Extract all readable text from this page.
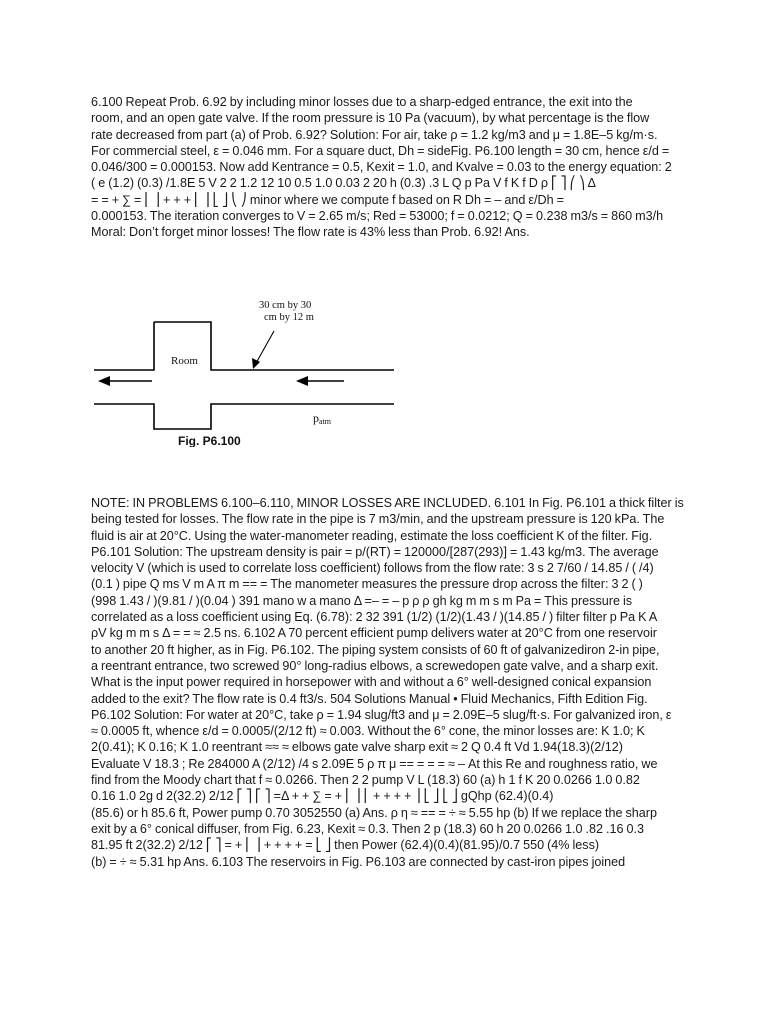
6.100 Repeat Prob. 6.92 by including minor losses due to a sharp-edged entrance, the exit into the
room, and an open gate valve. If the room pressure is 10 Pa (vacuum), by what percentage is the flow
rate decreased from part (a) of Prob. 6.92? Solution: For air, take ρ = 1.2 kg/m3 and μ = 1.8E–5 kg/m·s.
For commercial steel, ε = 0.046 mm. For a square duct, Dh = sideFig. P6.100 length = 30 cm, hence ε/d =
0.046/300 = 0.000153. Now add Kentrance = 0.5, Kexit = 1.0, and Kvalve = 0.03 to the energy equation: 2
( e (1.2) (0.3) /1.8E 5 V 2 2 1.2 12 10 0.5 1.0 0.03 2 20 h (0.3) .3 L Q p Pa V f K f D ρ ⎡ ⎤ ⎛ ⎞ Δ
= = + ∑ = ⎢ ⎥ + + + ⎜ ⎟ ⎣ ⎦ ⎝ ⎠ minor where we compute f based on R Dh = – and ε/Dh =
0.000153. The iteration converges to V = 2.65 m/s; Red = 53000; f = 0.0212; Q = 0.238 m3/s = 860 m3/h
Moral: Don’t forget minor losses! The flow rate is 43% less than Prob. 6.92! Ans.

30 cm by 30
cm by 12 m
Room
patm
Fig. P6.100

NOTE: IN PROBLEMS 6.100–6.110, MINOR LOSSES ARE INCLUDED. 6.101 In Fig. P6.101 a thick filter is
being tested for losses. The flow rate in the pipe is 7 m3/min, and the upstream pressure is 120 kPa. The
fluid is air at 20°C. Using the water-manometer reading, estimate the loss coefficient K of the filter. Fig.
P6.101 Solution: The upstream density is pair = p/(RT) = 120000/[287(293)] = 1.43 kg/m3. The average
velocity V (which is used to correlate loss coefficient) follows from the flow rate: 3 s 2 7/60 / 14.85 / ( /4)
(0.1 ) pipe Q ms V m A π m == = The manometer measures the pressure drop across the filter: 3 2 ( )
(998 1.43 / )(9.81 / )(0.04 ) 391 mano w a mano Δ =– = – p ρ ρ gh kg m m s m Pa = This pressure is
correlated as a loss coefficient using Eq. (6.78): 2 32 391 (1/2) (1/2)(1.43 / )(14.85 / ) filter filter p Pa K A
ρV kg m m s Δ = = ≈ 2.5 ns. 6.102 A 70 percent efficient pump delivers water at 20°C from one reservoir
to another 20 ft higher, as in Fig. P6.102. The piping system consists of 60 ft of galvanizediron 2-in pipe,
a reentrant entrance, two screwed 90° long-radius elbows, a screwedopen gate valve, and a sharp exit.
What is the input power required in horsepower with and without a 6° well-designed conical expansion
added to the exit? The flow rate is 0.4 ft3/s. 504 Solutions Manual • Fluid Mechanics, Fifth Edition Fig.
P6.102 Solution: For water at 20°C, take ρ = 1.94 slug/ft3 and μ = 2.09E–5 slug/ft·s. For galvanized iron, ε
≈ 0.0005 ft, whence ε/d = 0.0005/(2/12 ft) ≈ 0.003. Without the 6° cone, the minor losses are: K 1.0; K
2(0.41); K 0.16; K 1.0 reentrant ≈≈ ≈ elbows gate valve sharp exit ≈ 2 Q 0.4 ft Vd 1.94(18.3)(2/12)
Evaluate V 18.3 ; Re 284000 A (2/12) /4 s 2.09E 5 ρ π μ == = = = ≈ – At this Re and roughness ratio, we
find from the Moody chart that f ≈ 0.0266. Then 2 2 pump V L (18.3) 60 (a) h 1 f K 20 0.0266 1.0 0.82
0.16 1.0 2g d 2(32.2) 2/12 ⎡ ⎤ ⎡ ⎤ =Δ + + ∑ = + ⎢ ⎥ ⎢ + + + + ⎥ ⎣ ⎦ ⎣ ⎦ gQhp (62.4)(0.4)
(85.6) or h 85.6 ft, Power pump 0.70 3052550 (a) Ans. ρ η ≈ == = ÷ ≈ 5.55 hp (b) If we replace the sharp
exit by a 6° conical diffuser, from Fig. 6.23, Kexit ≈ 0.3. Then 2 p (18.3) 60 h 20 0.0266 1.0 .82 .16 0.3
81.95 ft 2(32.2) 2/12 ⎡ ⎤ = + ⎢ ⎥ + + + + = ⎣ ⎦ then Power (62.4)(0.4)(81.95)/0.7 550 (4% less)
(b) = ÷ ≈ 5.31 hp Ans. 6.103 The reservoirs in Fig. P6.103 are connected by cast-iron pipes joined
